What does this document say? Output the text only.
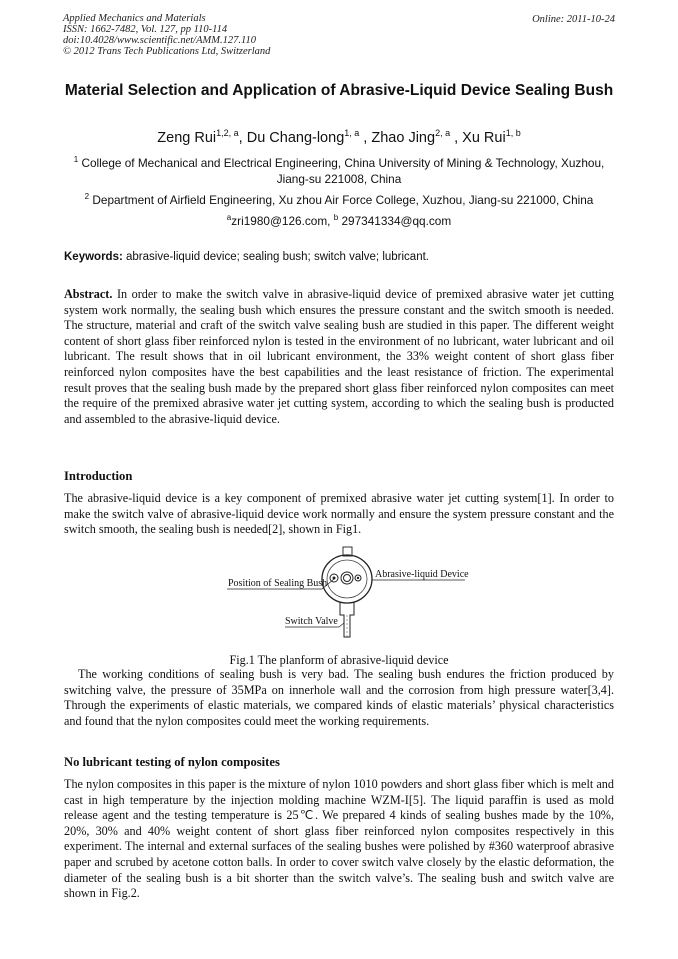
Applied Mechanics and Materials
ISSN: 1662-7482, Vol. 127, pp 110-114
doi:10.4028/www.scientific.net/AMM.127.110
© 2012 Trans Tech Publications Ltd, Switzerland
Online: 2011-10-24
Material Selection and Application of Abrasive-Liquid Device Sealing Bush
Zeng Rui$^{1,2, a}$, Du Chang-long$^{1, a}$ , Zhao Jing$^{2, a}$ , Xu Rui$^{1, b}$
$^1$ College of Mechanical and Electrical Engineering, China University of Mining & Technology, Xuzhou, Jiang-su 221008, China
$^2$ Department of Airfield Engineering, Xu zhou Air Force College, Xuzhou, Jiang-su 221000, China
$^a$zri1980@126.com, $^b$ 297341334@qq.com
Keywords: abrasive-liquid device; sealing bush; switch valve; lubricant.
Abstract. In order to make the switch valve in abrasive-liquid device of premixed abrasive water jet cutting system work normally, the sealing bush which ensures the pressure constant and the switch smooth is needed. The structure, material and craft of the switch valve sealing bush are studied in this paper. The different weight content of short glass fiber reinforced nylon is tested in the environment of no lubricant, water lubricant and oil lubricant. The result shows that in oil lubricant environment, the 33% weight content of short glass fiber reinforced nylon composites have the best capabilities and the least resistance of friction. The experimental result proves that the sealing bush made by the prepared short glass fiber reinforced nylon composites can meet the require of the premixed abrasive water jet cutting system, according to which the sealing bush is producted and assembled to the abrasive-liquid device.
Introduction
The abrasive-liquid device is a key component of premixed abrasive water jet cutting system[1]. In order to make the switch valve of abrasive-liquid device work normally and ensure the system pressure constant and the switch smooth, the sealing bush is needed[2], shown in Fig1.
Position of Sealing Bush
Abrasive-liquid Device
Switch Valve
Fig.1 The planform of abrasive-liquid device
The working conditions of sealing bush is very bad. The sealing bush endures the friction produced by switching valve, the pressure of 35MPa on innerhole wall and the corrosion from high pressure water[3,4]. Through the experiments of elastic materials, we compared kinds of elastic materials’ physical characteristics and found that the nylon composites could meet the working requirements.
No lubricant testing of nylon composites
The nylon composites in this paper is the mixture of nylon 1010 powders and short glass fiber which is melt and cast in high temperature by the injection molding machine WZM-I[5]. The liquid paraffin is used as mold release agent and the testing temperature is 25℃. We prepared 4 kinds of sealing bushes made by the 10%, 20%, 30% and 40% weight content of short glass fiber reinforced nylon composites respectively in this experiment. The internal and external surfaces of the sealing bushes were polished by #360 waterproof abrasive paper and scrubed by acetone cotton balls. In order to cover switch valve closely by the elastic deformation, the diameter of the sealing bush is a bit shorter than the switch valve’s. The sealing bush and switch valve are shown in Fig.2.
